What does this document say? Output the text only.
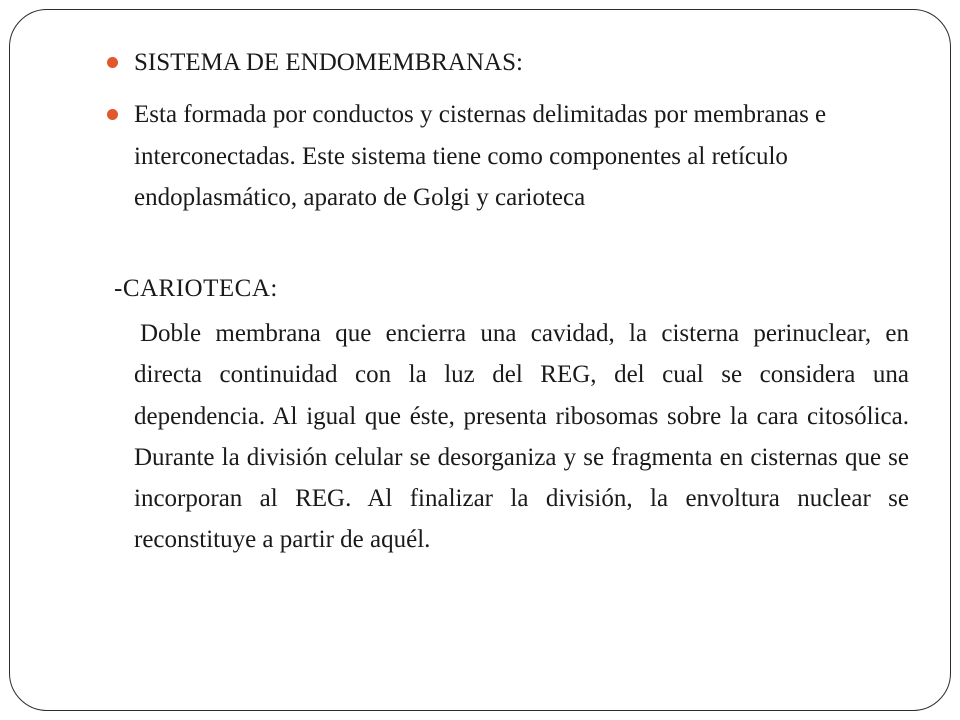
SISTEMA DE ENDOMEMBRANAS:
Esta formada por conductos y cisternas delimitadas por membranas e interconectadas. Este sistema tiene como componentes al retículo endoplasmático, aparato de Golgi y carioteca
-CARIOTECA:
Doble membrana que encierra una cavidad, la cisterna perinuclear, en directa continuidad con la luz del REG, del cual se considera una dependencia. Al igual que éste, presenta ribosomas sobre la cara citosólica. Durante la división celular se desorganiza y se fragmenta en cisternas que se incorporan al REG. Al finalizar la división, la envoltura nuclear se reconstituye a partir de aquél.
